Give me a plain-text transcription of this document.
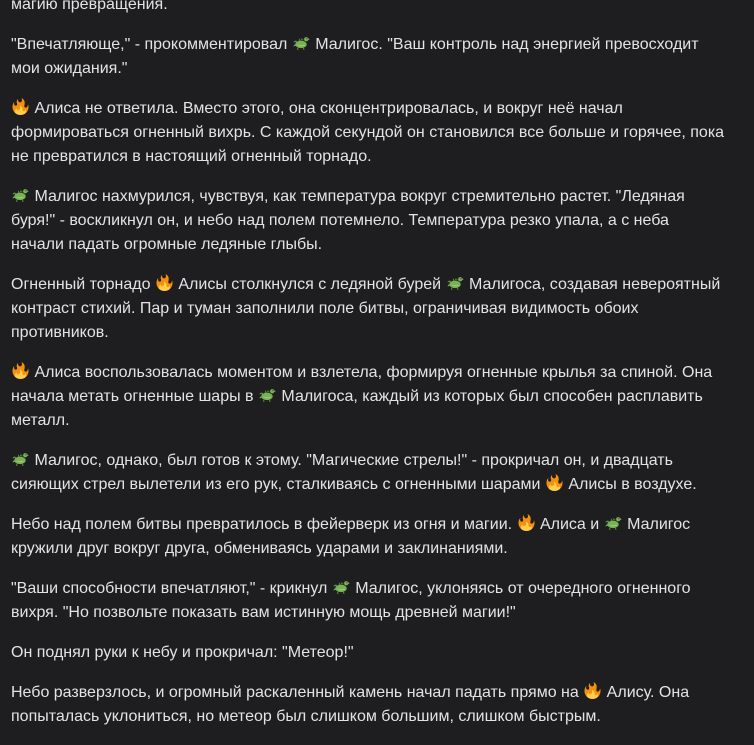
магию превращения.

"Впечатляюще," - прокомментировал
Малигос. "Ваш контроль над энергией превосходит мои ожидания."

Алиса не ответила. Вместо этого, она сконцентрировалась, и вокруг неё начал формироваться огненный вихрь. С каждой секундой он становился все больше и горячее, пока не превратился в настоящий огненный торнадо.

Малигос нахмурился, чувствуя, как температура вокруг стремительно растет. "Ледяная буря!" - воскликнул он, и небо над полем потемнело. Температура резко упала, а с неба начали падать огромные ледяные глыбы.

Огненный торнадо
Алисы столкнулся с ледяной бурей
Малигоса, создавая невероятный контраст стихий. Пар и туман заполнили поле битвы, ограничивая видимость обоих противников.

Алиса воспользовалась моментом и взлетела, формируя огненные крылья за спиной. Она начала метать огненные шары в
Малигоса, каждый из которых был способен расплавить металл.

Малигос, однако, был готов к этому. "Магические стрелы!" - прокричал он, и двадцать сияющих стрел вылетели из его рук, сталкиваясь с огненными шарами
Алисы в воздухе.

Небо над полем битвы превратилось в фейерверк из огня и магии.
Алиса и
Малигос кружили друг вокруг друга, обмениваясь ударами и заклинаниями.

"Ваши способности впечатляют," - крикнул
Малигос, уклоняясь от очередного огненного вихря. "Но позвольте показать вам истинную мощь древней магии!"

Он поднял руки к небу и прокричал: "Метеор!"

Небо разверзлось, и огромный раскаленный камень начал падать прямо на
Алису. Она попыталась уклониться, но метеор был слишком большим, слишком быстрым.
